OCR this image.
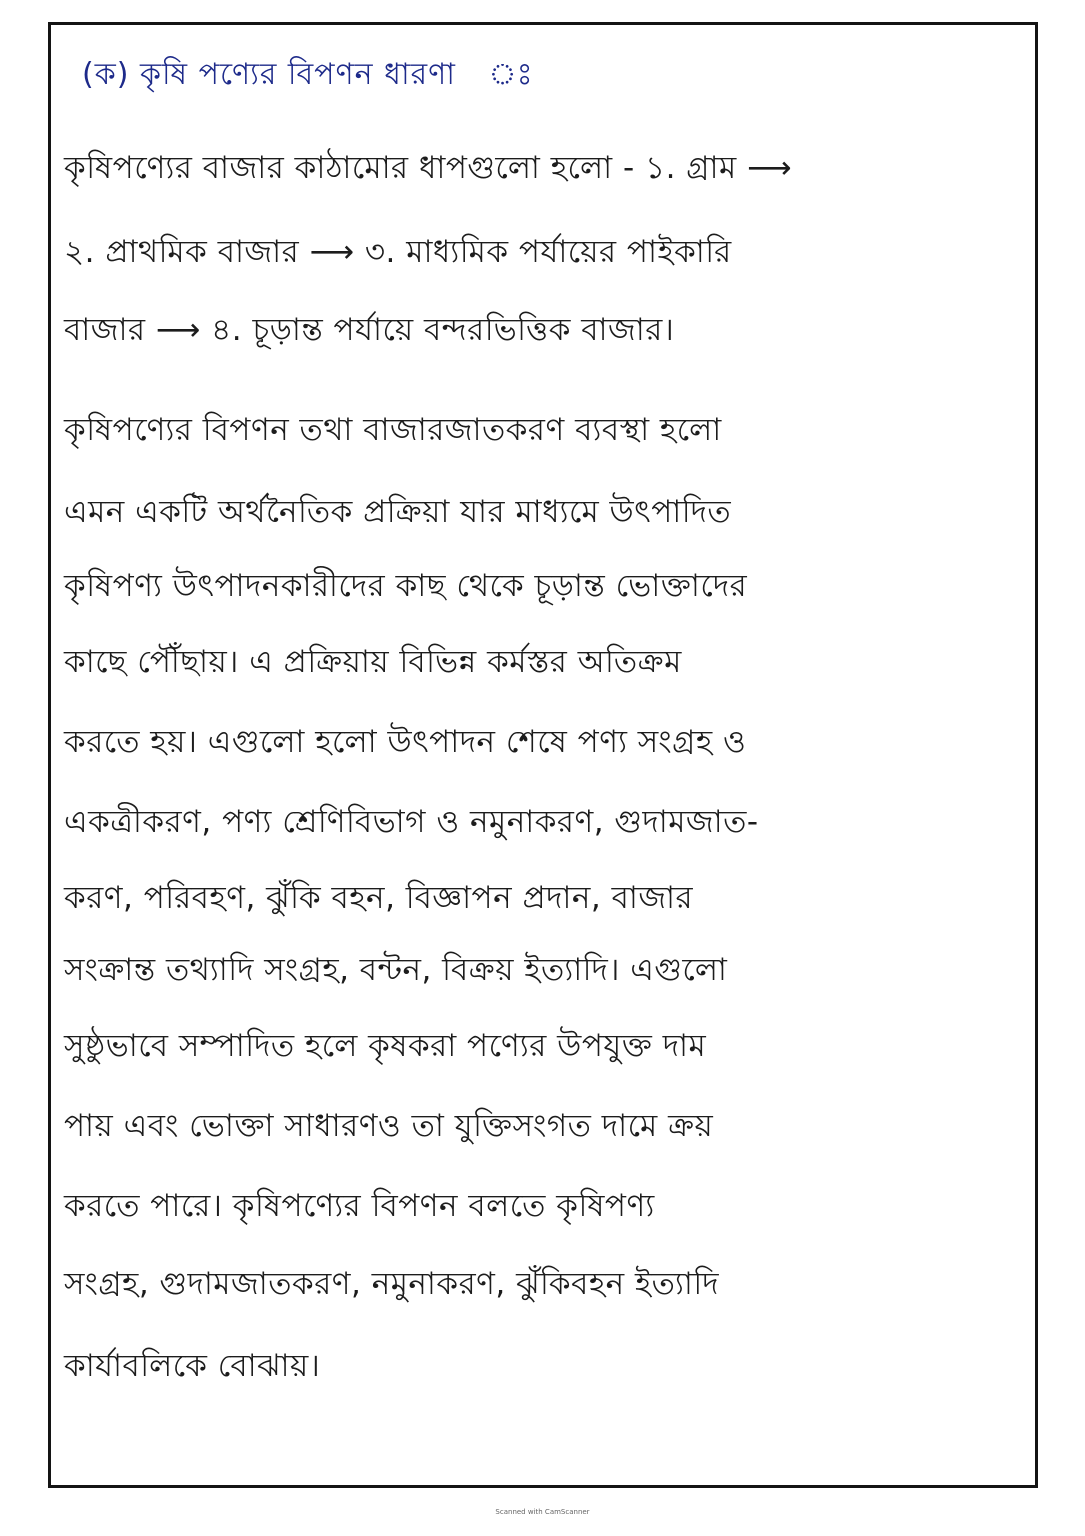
(ক) কৃষি পণ্যের বিপণন ধারণা ঃ
কৃষিপণ্যের বাজার কাঠামোর ধাপগুলো হলো - ১. গ্রাম ⟶
২. প্রাথমিক বাজার ⟶ ৩. মাধ্যমিক পর্যায়ের পাইকারি
বাজার ⟶ ৪. চূড়ান্ত পর্যায়ে বন্দরভিত্তিক বাজার।
কৃষিপণ্যের বিপণন তথা বাজারজাতকরণ ব্যবস্থা হলো
এমন একটি অর্থনৈতিক প্রক্রিয়া যার মাধ্যমে উৎপাদিত
কৃষিপণ্য উৎপাদনকারীদের কাছ থেকে চূড়ান্ত ভোক্তাদের
কাছে পৌঁছায়। এ প্রক্রিয়ায় বিভিন্ন কর্মস্তর অতিক্রম
করতে হয়। এগুলো হলো উৎপাদন শেষে পণ্য সংগ্রহ ও
একত্রীকরণ, পণ্য শ্রেণিবিভাগ ও নমুনাকরণ, গুদামজাত-
করণ, পরিবহণ, ঝুঁকি বহন, বিজ্ঞাপন প্রদান, বাজার
সংক্রান্ত তথ্যাদি সংগ্রহ, বন্টন, বিক্রয় ইত্যাদি। এগুলো
সুষ্ঠুভাবে সম্পাদিত হলে কৃষকরা পণ্যের উপযুক্ত দাম
পায় এবং ভোক্তা সাধারণও তা যুক্তিসংগত দামে ক্রয়
করতে পারে। কৃষিপণ্যের বিপণন বলতে কৃষিপণ্য
সংগ্রহ, গুদামজাতকরণ, নমুনাকরণ, ঝুঁকিবহন ইত্যাদি
কার্যাবলিকে বোঝায়।
Scanned with CamScanner
